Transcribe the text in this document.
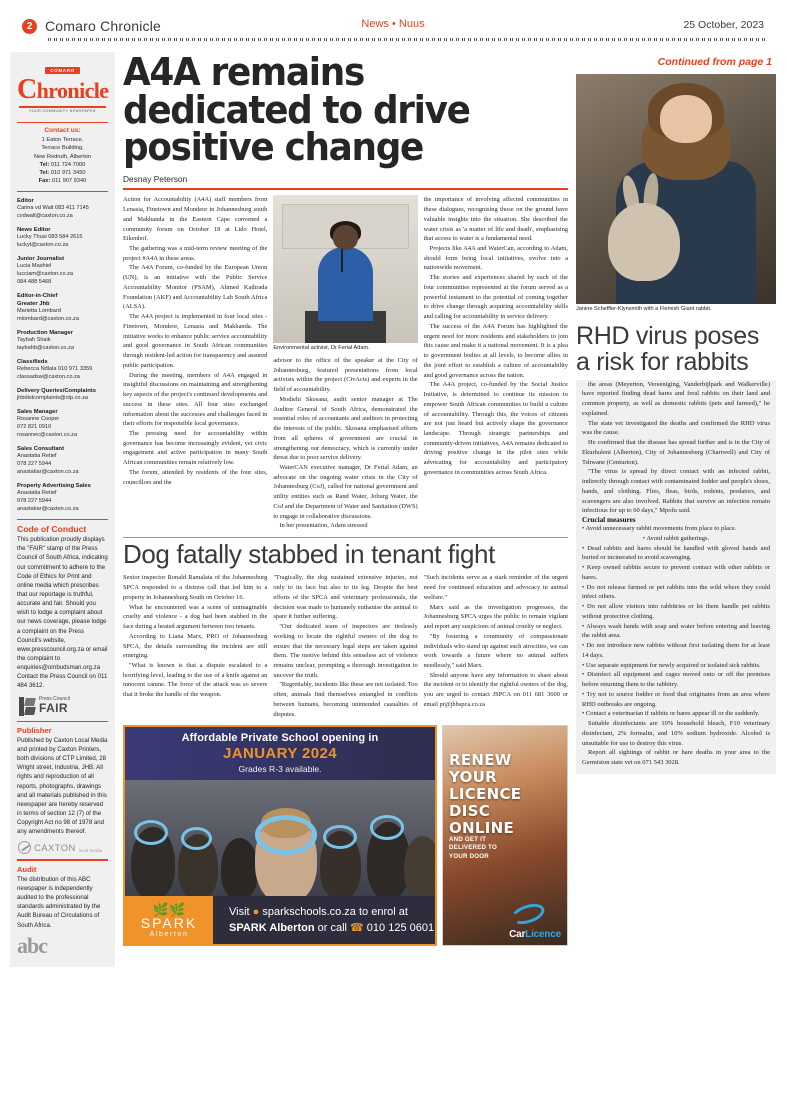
2 Comaro Chronicle	News • Nuus	25 October, 2023
COMARO
Chronicle
YOUR COMMUNITY NEWSPAPER
Contact us:
1 Eaton Terrace,
Terrace Building,
New Redruth, Alberton
Tel: 011 724 7000
Tel: 010 971 3450
Fax: 011 907 9340
Editor
Carina vd Walt 083 411 7145
cvdwalt@caxton.co.za
News Editor
Lucky Thusi 083 584 2615
luckyt@caxton.co.za
Junior Journalist
Lucia Mashiel
lucciam@caxton.co.za
084 488 5468
Editor-in-Chief
Greater Jhb
Marietta Lombard
mlombard@caxton.co.za
Production Manager
Taybah Shaik
taybahb@caxton.co.za
Classifieds
Rebecca Ndlala 010 971 3359
classadsw@caxton.co.za
Delivery Queries/Complaints
jhbdistcomplaints@ctp.co.za
Sales Manager
Rosanne Cooper
072 821 0910
rosannec@caxton.co.za
Sales Consultant
Anastatia Retief
078 227 5944
anastatiar@caxton.co.za
Property Advertising Sales
Anastatia Retief
078 227 5944
anastatiar@caxton.co.za
Code of Conduct
This publication proudly displays the "FAIR" stamp of the Press Council of South Africa, indicating our commitment to adhere to the Code of Ethics for Print and online media which prescribes that our reportage is truthful, accurate and fair. Should you wish to lodge a complaint about our news coverage, please lodge a complaint on the Press Council's website, www.presscouncil.org.za or email the complaint to enquiries@ombudsman.org.za Contact the Press Council on 011 484 3612.
Press Council
FAIR
Publisher
Published by Caxton Local Media and printed by Caxton Printers, both divisions of CTP Limited, 28 Wright street, Industria, JHB. All rights and reproduction of all reports, photographs, drawings and all materials published in this newspaper are hereby reserved in terms of section 12 (7) of the Copyright Act no 98 of 1978 and any amendments thereof.
CAXTON local media
Audit
The distribution of this ABC newspaper is independently audited to the professional standards administrated by the Audit Bureau of Circulations of South Africa.
abc
A4A remains dedicated to drive positive change
Desnay Peterson

Action for Accountability (A4A) staff members from Lenasia, Finetown and Mondeor in Johannesburg south and Makhanda in the Eastern Cape convened a community forum on October 18 at Lido Hotel, Eikenhof.

The gathering was a mid-term review meeting of the project #A4A in these areas.

The A4A Forum, co-funded by the European Union (UN), is an initiative with the Public Service Accountability Monitor (PSAM), Ahmed Kathrada Foundation (AKF) and Accountability Lab South Africa (ALSA).

The A4A project is implemented in four local sites - Finetown, Mondeor, Lenasia and Makhanda. The initiative works to enhance public service accountability and good governance in South African communities through resident-led action for transparency and assured public participation.

During the meeting, members of A4A engaged in insightful discussions on maintaining and strengthening key aspects of the project's continued developments and success in these sites. All four sites exchanged information about the successes and challenges faced in their efforts for responsible local governance.

The pressing need for accountability within governance has become increasingly evident, yet civic engagement and active participation in many South African communities remain relatively low.

The forum, attended by residents of the four sites, councillors and the

Environmental activist, Dr Ferial Adam.

advisor to the office of the speaker at the City of Johannesburg, featured presentations from local activists within the project (CivActs) and experts in the field of accountability.

Modiehi Skosana, audit senior manager at The Auditor General of South Africa, demonstrated the essential roles of accountants and auditors in protecting the interests of the public. Skosana emphasised efforts from all spheres of government are crucial in strengthening our democracy, which is currently under threat due to poor service delivery.

WaterCAN executive manager, Dr Ferial Adam, an advocate on the ongoing water crisis in the City of Johannesburg (CoJ), called for national government and utility entities such as Rand Water, Joburg Water, the CoJ and the Department of Water and Sanitation (DWS) to engage in collaborative discussions.

In her presentation, Adam stressed

the importance of involving affected communities in these dialogues, recognising those on the ground have valuable insights into the situation. She described the water crisis as 'a matter of life and death', emphasising that access to water is a fundamental need.

Projects like A4A and WaterCan, according to Adam, should form being local initiatives, evolve into a nationwide movement.

The stories and experiences shared by each of the four communities represented at the forum served as a powerful testament to the potential of coming together to drive change through acquiring accountability skills and calling for accountability in service delivery.

The success of the A4A Forum has highlighted the urgent need for more residents and stakeholders to join this cause and make it a national movement. It is a plea to government bodies at all levels, to become allies in the joint effort to establish a culture of accountability and good governance across the nation.

The A4A project, co-funded by the Social Justice Initiative, is determined to continue its mission to empower South African communities to build a culture of accountability. Through this, the voices of citizens are not just heard but actively shape the governance landscape. Through strategic partnerships and community-driven initiatives, A4A remains dedicated to driving positive change in the pilot sites while advocating for accountability and participatory governance in communities across South Africa.

Dog fatally stabbed in tenant fight

Senior inspector Ronald Ramalata of the Johannesburg SPCA responded to a distress call that led him to a property in Johannesburg South on October 16.

What he encountered was a scene of unimaginable cruelty and violence - a dog had been stabbed in the face during a heated argument between two tenants.

According to Liana Marx, PRO of Johannesburg SPCA, the details surrounding the incident are still emerging.

"What is known is that a dispute escalated to a horrifying level, leading to the use of a knife against an innocent canine. The force of the attack was so severe that it broke the handle of the weapon.

"Tragically, the dog sustained extensive injuries, not only to its face but also to its leg. Despite the best efforts of the SPCA and veterinary professionals, the decision was made to humanely euthanise the animal to spare it further suffering.

"Our dedicated team of inspectors are tirelessly working to locate the rightful owners of the dog to ensure that the necessary legal steps are taken against them. The motive behind this senseless act of violence remains unclear, prompting a thorough investigation to uncover the truth.

"Regrettably, incidents like these are not isolated. Too often, animals find themselves entangled in conflicts between humans, becoming unintended casualties of disputes.

"Such incidents serve as a stark reminder of the urgent need for continued education and advocacy in animal welfare."

Marx said as the investigation progresses, the Johannesburg SPCA urges the public to remain vigilant and report any suspicions of animal cruelty or neglect.

"By fostering a community of compassionate individuals who stand up against such atrocities, we can work towards a future where no animal suffers needlessly," said Marx.

Should anyone have any information to share about the incident or to identify the rightful owners of the dog, you are urged to contact JSPCA on 011 681 3600 or email pr@jhbspca.co.za

Affordable Private School opening in
JANUARY 2024
Grades R-3 available.
🌿🌿
SPARK
Alberton
Visit ● sparkschools.co.za to enrol at
SPARK Alberton or call ☎ 010 125 0601
RENEW
YOUR
LICENCE
DISC
ONLINE
AND GET IT
DELIVERED TO
YOUR DOOR
CarLicence
Continued from page 1
Janine Scheffler-Klynsmith with a Flemish Giant rabbit.
RHD virus poses a risk for rabbits

the areas (Meyerton, Vereeniging, Vanderbijlpark and Walkerville) have reported finding dead hares and feral rabbits on their land and common property, as well as domestic rabbits (pets and farmed)," he explained.

The state vet investigated the deaths and confirmed the RHD virus was the cause.

He confirmed that the disease has spread further and is in the City of Ekurhuleni (Alberton), City of Johannesburg (Chartwell) and City of Tshwane (Centurion).

"The virus is spread by direct contact with an infected rabbit, indirectly through contact with contaminated fodder and people's shoes, hands, and clothing. Flies, fleas, birds, rodents, predators, and scavengers are also involved. Rabbits that survive an infection remain infectious for up to 60 days," Mpofu said.

Crucial measures

• Avoid unnecessary rabbit movements from place to place.

• Avoid rabbit gatherings.

• Dead rabbits and hares should be handled with gloved hands and buried or incinerated to avoid scavenging.

• Keep owned rabbits secure to prevent contact with other rabbits or hares.

• Do not release farmed or pet rabbits into the wild where they could infect others.

• Do not allow visitors into rabbitries or let them handle pet rabbits without protective clothing.

• Always wash hands with soap and water before entering and leaving the rabbit area.

• Do not introduce new rabbits without first isolating them for at least 14 days.

• Use separate equipment for newly acquired or isolated sick rabbits.

• Disinfect all equipment and cages moved onto or off the premises before returning them to the rabbitry.

• Try not to source fodder or food that originates from an area where RHD outbreaks are ongoing.

• Contact a veterinarian if rabbits or hares appear ill or die suddenly.

Suitable disinfectants are 10% household bleach, F10 veterinary disinfectant, 2% formalin, and 10% sodium hydroxide. Alcohol is unsuitable for use to destroy this virus.

Report all sightings of rabbit or hare deaths in your area to the Germiston state vet on 071 543 3028.
